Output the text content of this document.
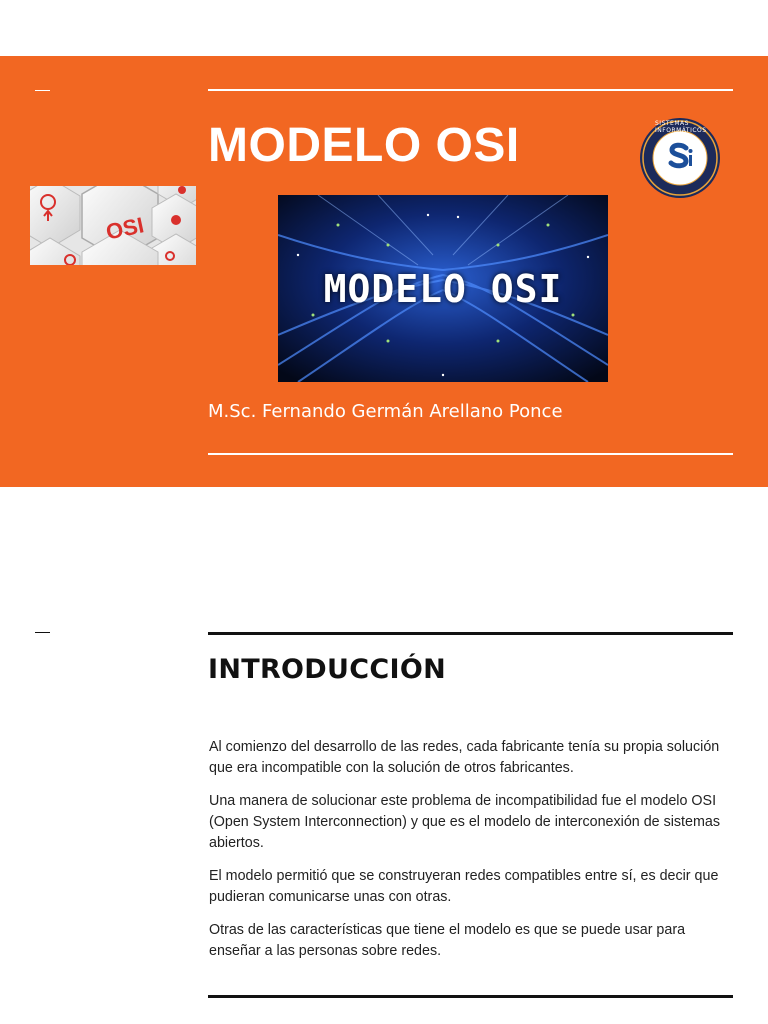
MODELO OSI
OSI
SISTEMAS INFORMÁTICOS
MODELO OSI

M.Sc. Fernando Germán Arellano Ponce

INTRODUCCIÓN

Al comienzo del desarrollo de las redes, cada fabricante tenía su propia solución que era incompatible con la solución de otros fabricantes.

Una manera de solucionar este problema de incompatibilidad fue el modelo OSI (Open System Interconnection) y que es el modelo de interconexión de sistemas abiertos.

El modelo permitió que se construyeran redes compatibles entre sí, es decir que pudieran comunicarse unas con otras.

Otras de las características que tiene el modelo es que se puede usar para enseñar a las personas sobre redes.
